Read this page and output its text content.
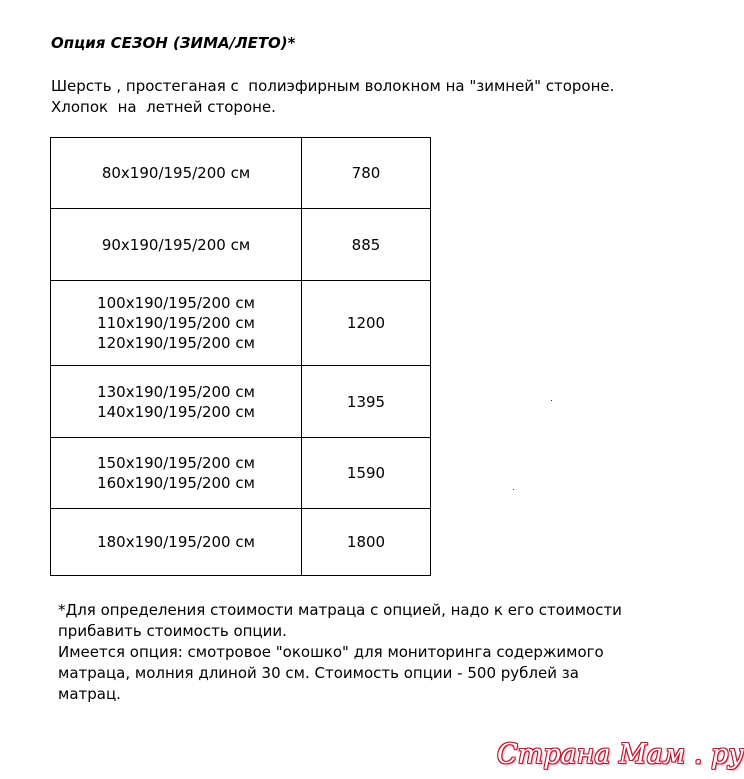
Опция СЕЗОН (ЗИМА/ЛЕТО)*
Шерсть , простеганая с  полиэфирным волокном на "зимней" стороне.
Хлопок  на  летней стороне.
80x190/195/200 см	780

90x190/195/200 см	885

100x190/195/200 см
110x190/195/200 см
120x190/195/200 см	1200

130x190/195/200 см
140x190/195/200 см	1395

150x190/195/200 см
160x190/195/200 см	1590

180x190/195/200 см	1800
*Для определения стоимости матраца с опцией, надо к его стоимости
прибавить стоимость опции.
Имеется опция: смотровое "окошко" для мониторинга содержимого
матраца, молния длиной 30 см. Стоимость опции - 500 рублей за
матрац.
Страна Мам . ру
